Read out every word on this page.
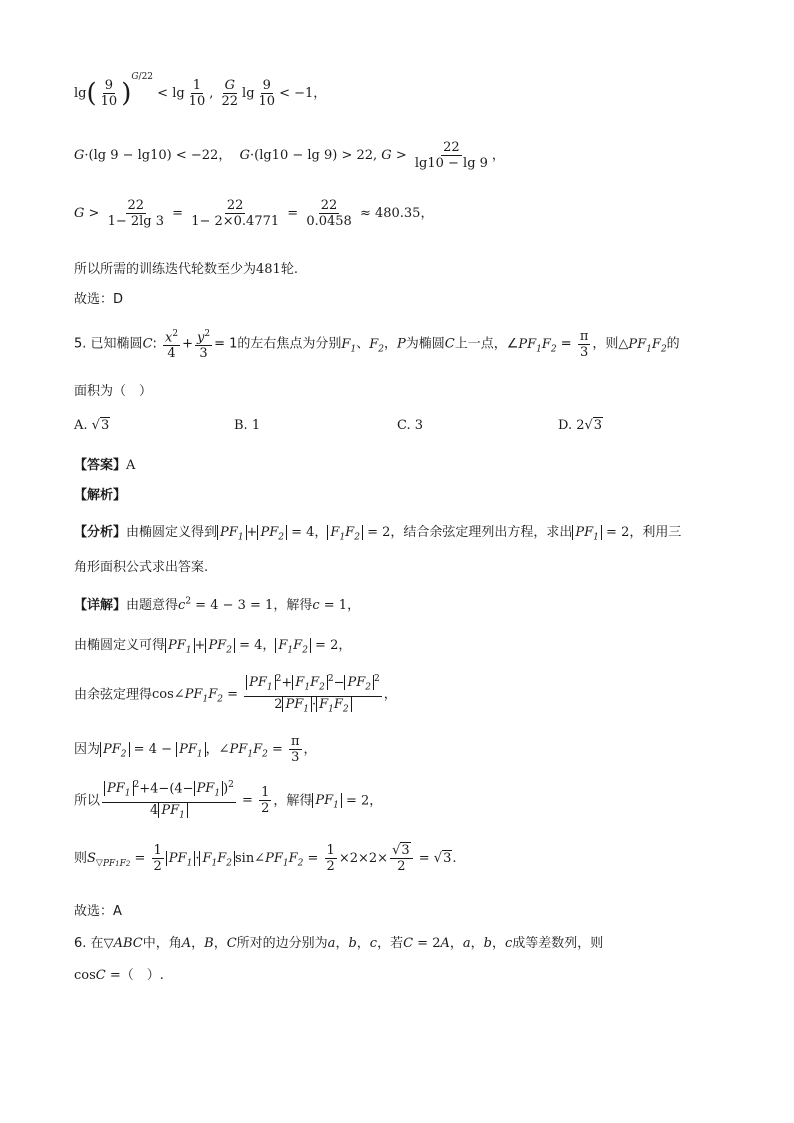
$\lg( \frac{9}{10} )^{G/22} < \lg \frac{1}{10}$ , $\frac{G}{22}$ $\lg \frac{9}{10} < -1$，
G·(lg 9 − lg10) < −22，  G·(lg10 − lg 9) > 22, $G > \frac{22}{\lg 10 - \lg 9}$ ，
$G > \frac{22}{1- 2\lg 3} = \frac{22}{1- 2\times 0.4771} = \frac{22}{0.0458} \approx 480.35$，
所以所需的训练迭代轮数至少为481轮.
故选：D
5. 已知椭圆C: $\frac{x^2}{4} + \frac{y^2}{3} = 1$的左右焦点为分别$F_1$、$F_2$，P为椭圆C上一点，$\angle PF_1F_2 = \frac{\pi}{3}$ ，则$\triangle PF_1F_2$的
面积为（　）
A. √3	B. 1	C. 3	D. 2√3
【答案】A
【解析】
【分析】由椭圆定义得到 $PF_1 + PF_2 = 4$， $F_1F_2 = 2$，结合余弦定理列出方程，求出 $PF_1 = 2$，利用三
角形面积公式求出答案.
【详解】由题意得$c^2 = 4 - 3 = 1$，解得c = 1，
由椭圆定义可得 $PF_1 + PF_2 = 4$， $F_1F_2 = 2$，
由余弦定理得$\cos\angle PF_1F_2 = \frac{PF_1^2+ F_1F_2^2- PF_2^2}{2 PF_1 \cdot F_1F_2}$ ，
因为 $PF_2 = 4 - PF_1$ ，$\angle PF_1F_2 = \frac{\pi}{3}$ ，
所以 $\frac{PF_1^2+4-(4- PF_1 )^2}{4 PF_1} = \frac{1}{2}$ ，解得 $PF_1 = 2$，
则$S_{▽PF1F2} = \frac{1}{2} PF_1 \cdot F_1F_2$ $\sin\angle PF_1F_2 = \frac{1}{2} \times 2\times 2\times \frac{√3}{2} = √3$.
故选：A
6. 在▽ABC中，角A，B，C所对的边分别为a，b，c，若C = 2A，a，b，c成等差数列，则
cosC =（　）.
